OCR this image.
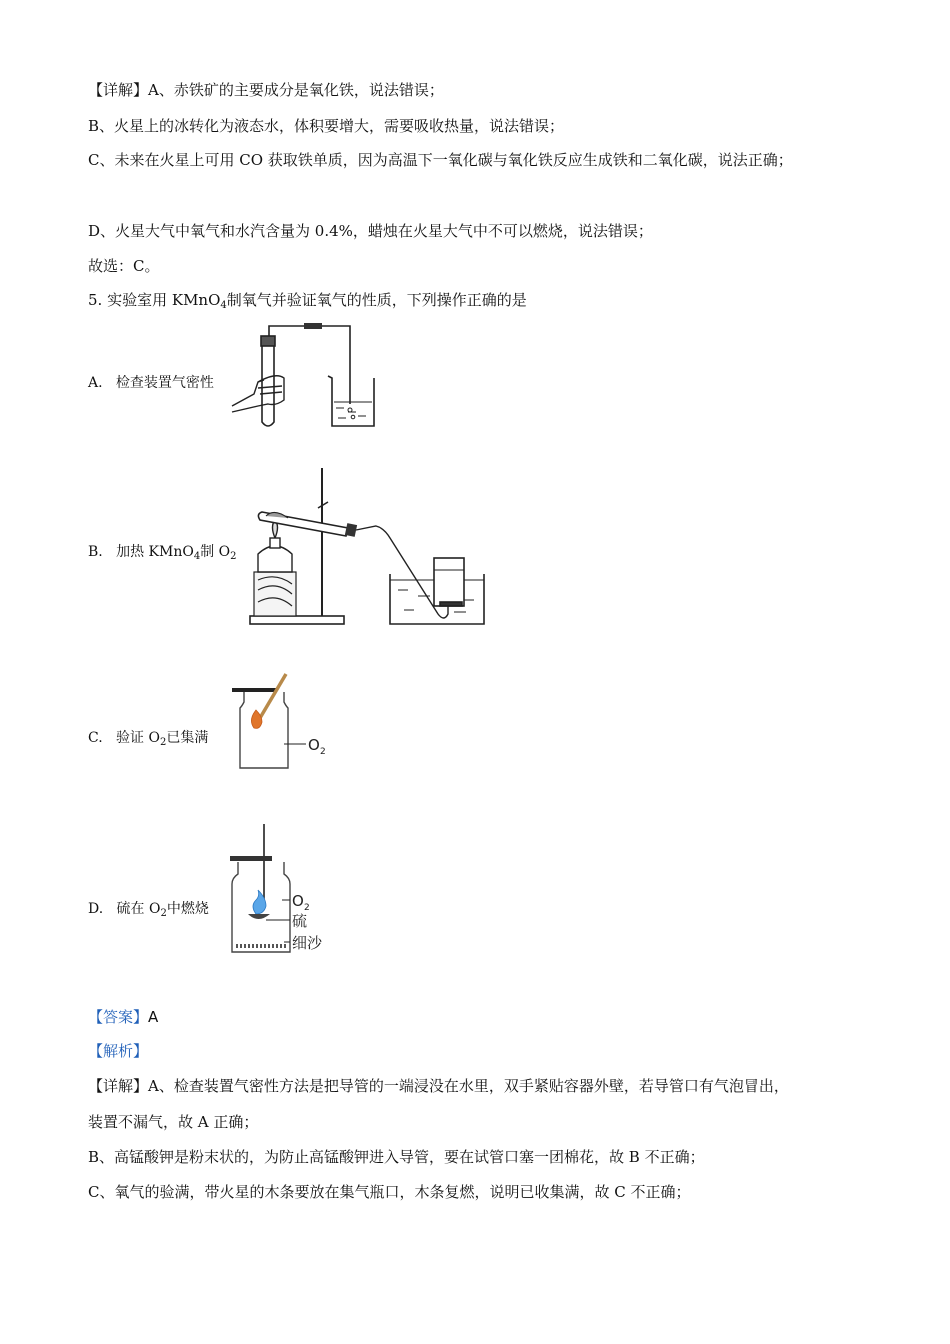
【详解】A、赤铁矿的主要成分是氧化铁，说法错误；
B、火星上的冰转化为液态水，体积要增大，需要吸收热量，说法错误；
C、未来在火星上可用 CO 获取铁单质，因为高温下一氧化碳与氧化铁反应生成铁和二氧化碳，说法正确；
D、火星大气中氧气和水汽含量为 0.4%，蜡烛在火星大气中不可以燃烧，说法错误；
故选：C。
5. 实验室用 KMnO$_4$制氧气并验证氧气的性质，下列操作正确的是
A. 检查装置气密性
B. 加热 KMnO$_4$制 $O_2$
C. 验证 $O_2$已集满	O 2
D. 硫在 $O_2$中燃烧	O 2
硫
细沙
【答案】A
【解析】
【详解】A、检查装置气密性方法是把导管的一端浸没在水里，双手紧贴容器外壁，若导管口有气泡冒出，
装置不漏气，故 A 正确；
B、高锰酸钾是粉末状的，为防止高锰酸钾进入导管，要在试管口塞一团棉花，故 B 不正确；
C、氧气的验满，带火星的木条要放在集气瓶口，木条复燃，说明已收集满，故 C 不正确；
